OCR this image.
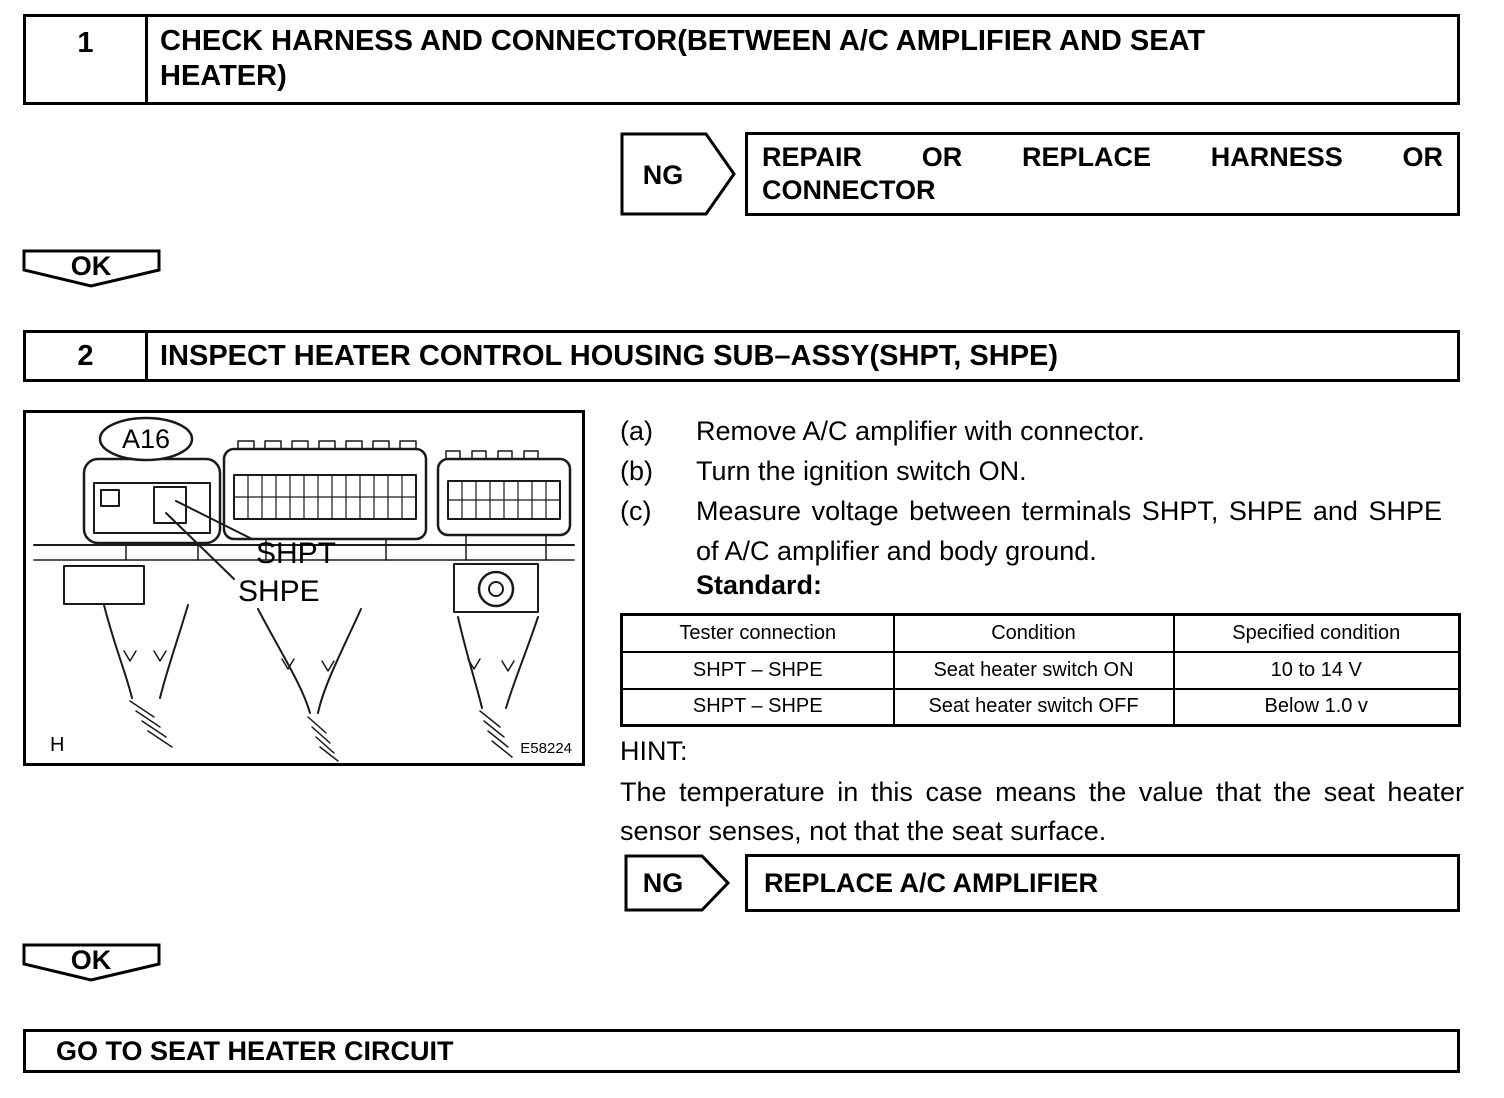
1	CHECK HARNESS AND CONNECTOR(BETWEEN A/C AMPLIFIER AND SEAT HEATER)
NG
REPAIR OR REPLACE HARNESS OR
CONNECTOR
OK
2	INSPECT HEATER CONTROL HOUSING SUB–ASSY(SHPT, SHPE)
A16
SHPT
SHPE
H	E58224
(a)	Remove A/C amplifier with connector.
(b)	Turn the ignition switch ON.
(c)	Measure voltage between terminals SHPT, SHPE and SHPE of A/C amplifier and body ground.
Standard:
Tester connection	Condition	Specified condition
SHPT – SHPE	Seat heater switch ON	10 to 14 V
SHPT – SHPE	Seat heater switch OFF	Below 1.0 v
HINT:
The temperature in this case means the value that the seat heater sensor senses, not that the seat surface.
NG	REPLACE A/C AMPLIFIER
OK
GO TO SEAT HEATER CIRCUIT
